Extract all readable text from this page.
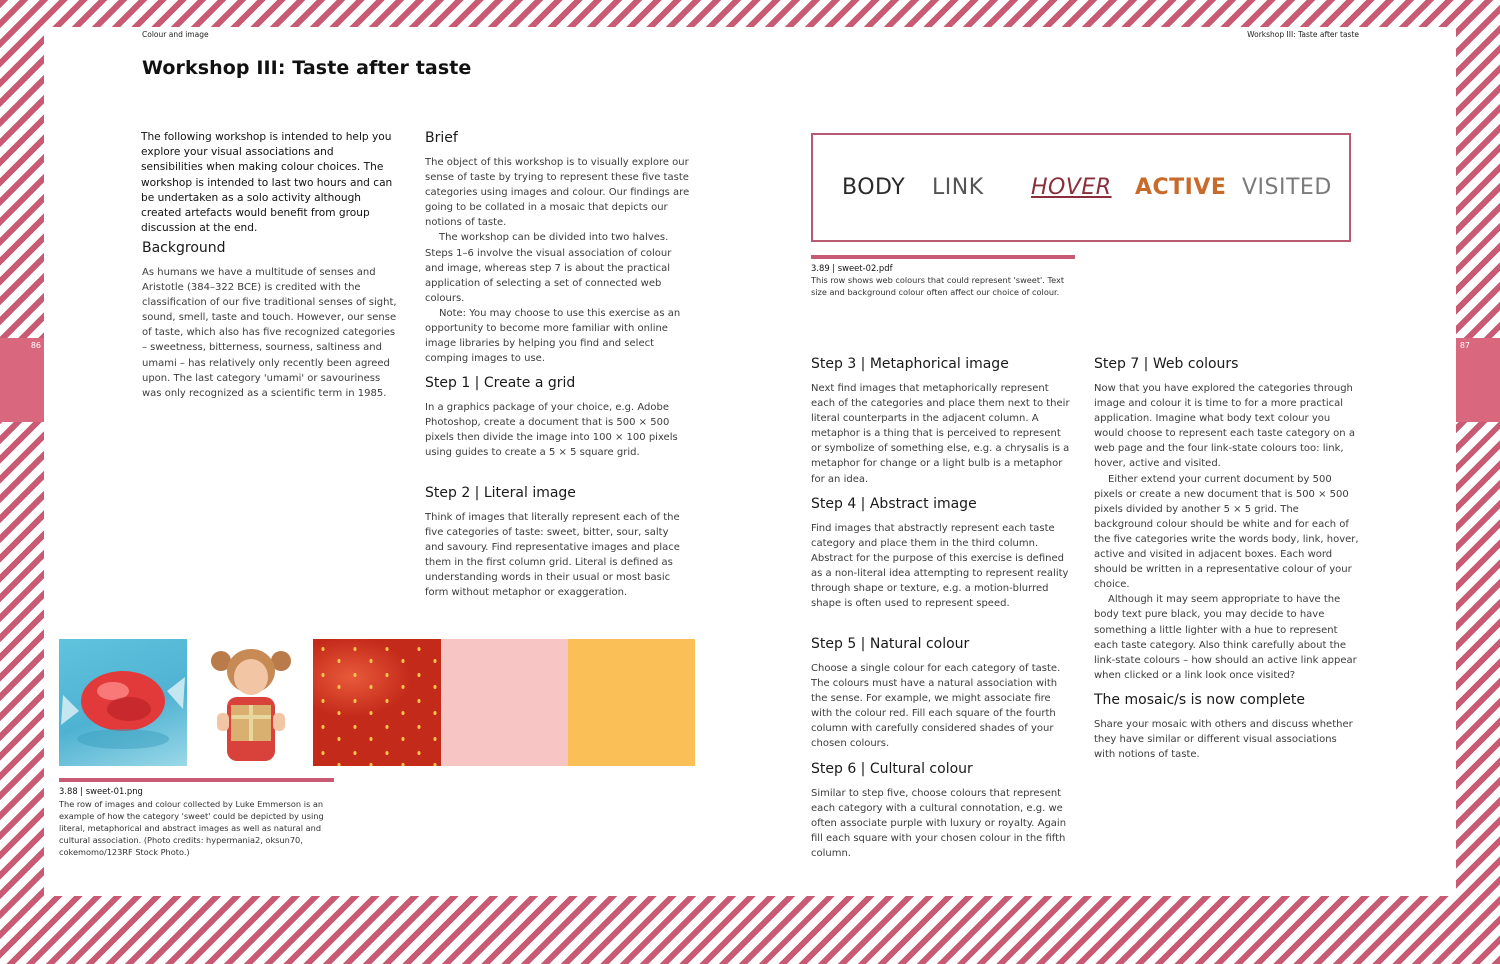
86	87
Colour and image	Workshop III: Taste after taste
Workshop III: Taste after taste
The following workshop is intended to help you explore your visual associations and sensibilities when making colour choices. The workshop is intended to last two hours and can be undertaken as a solo activity although created artefacts would benefit from group discussion at the end.
Background
As humans we have a multitude of senses and Aristotle (384–322 BCE) is credited with the classification of our five traditional senses of sight, sound, smell, taste and touch. However, our sense of taste, which also has five recognized categories – sweetness, bitterness, sourness, saltiness and umami – has relatively only recently been agreed upon. The last category 'umami' or savouriness was only recognized as a scientific term in 1985.
Brief

The object of this workshop is to visually explore our sense of taste by trying to represent these five taste categories using images and colour. Our findings are going to be collated in a mosaic that depicts our notions of taste.

The workshop can be divided into two halves. Steps 1–6 involve the visual association of colour and image, whereas step 7 is about the practical application of selecting a set of connected web colours.

Note: You may choose to use this exercise as an opportunity to become more familiar with online image libraries by helping you find and select comping images to use.

Step 1 | Create a grid
In a graphics package of your choice, e.g. Adobe Photoshop, create a document that is 500 × 500 pixels then divide the image into 100 × 100 pixels using guides to create a 5 × 5 square grid.
Step 2 | Literal image
Think of images that literally represent each of the five categories of taste: sweet, bitter, sour, salty and savoury. Find representative images and place them in the first column grid. Literal is defined as understanding words in their usual or most basic form without metaphor or exaggeration.
3.88 | sweet-01.png
The row of images and colour collected by Luke Emmerson is an example of how the category 'sweet' could be depicted by using literal, metaphorical and abstract images as well as natural and cultural association. (Photo credits: hypermania2, oksun70, cokemomo/123RF Stock Photo.)
BODY LINK HOVER ACTIVE VISITED
3.89 | sweet-02.pdf
This row shows web colours that could represent 'sweet'. Text size and background colour often affect our choice of colour.
Step 3 | Metaphorical image
Next find images that metaphorically represent each of the categories and place them next to their literal counterparts in the adjacent column. A metaphor is a thing that is perceived to represent or symbolize of something else, e.g. a chrysalis is a metaphor for change or a light bulb is a metaphor for an idea.
Step 4 | Abstract image
Find images that abstractly represent each taste category and place them in the third column. Abstract for the purpose of this exercise is defined as a non-literal idea attempting to represent reality through shape or texture, e.g. a motion-blurred shape is often used to represent speed.
Step 5 | Natural colour
Choose a single colour for each category of taste. The colours must have a natural association with the sense. For example, we might associate fire with the colour red. Fill each square of the fourth column with carefully considered shades of your chosen colours.
Step 6 | Cultural colour
Similar to step five, choose colours that represent each category with a cultural connotation, e.g. we often associate purple with luxury or royalty. Again fill each square with your chosen colour in the fifth column.
Step 7 | Web colours

Now that you have explored the categories through image and colour it is time to for a more practical application. Imagine what body text colour you would choose to represent each taste category on a web page and the four link-state colours too: link, hover, active and visited.

Either extend your current document by 500 pixels or create a new document that is 500 × 500 pixels divided by another 5 × 5 grid. The background colour should be white and for each of the five categories write the words body, link, hover, active and visited in adjacent boxes. Each word should be written in a representative colour of your choice.

Although it may seem appropriate to have the body text pure black, you may decide to have something a little lighter with a hue to represent each taste category. Also think carefully about the link-state colours – how should an active link appear when clicked or a link look once visited?

The mosaic/s is now complete
Share your mosaic with others and discuss whether they have similar or different visual associations with notions of taste.
